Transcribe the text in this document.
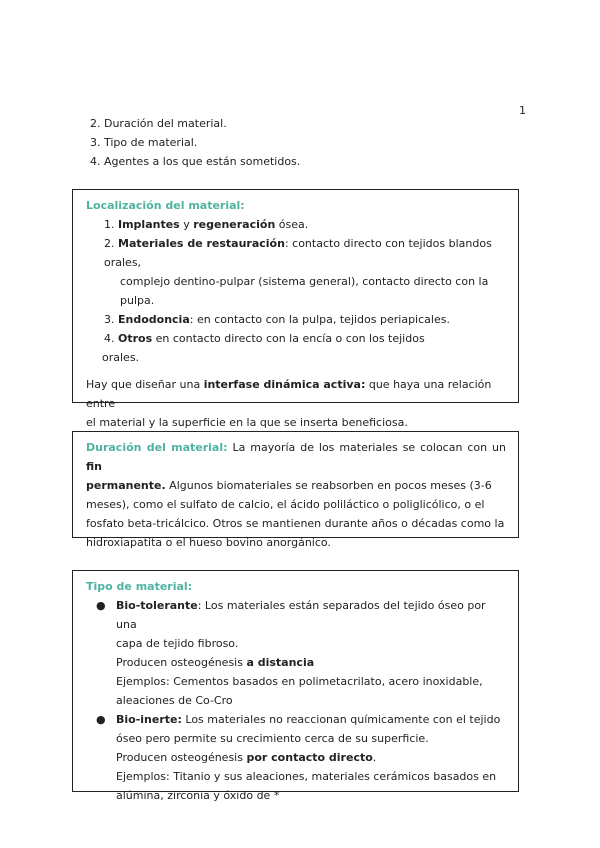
1
2. Duración del material.
3. Tipo de material.
4. Agentes a los que están sometidos.
Localización del material:
1. Implantes y regeneración ósea.
2. Materiales de restauración: contacto directo con tejidos blandos orales,
complejo dentino-pulpar (sistema general), contacto directo con la
pulpa.
3. Endodoncia: en contacto con la pulpa, tejidos periapicales.
4. Otros en contacto directo con la encía o con los tejidos
orales.
Hay que diseñar una interfase dinámica activa: que haya una relación entre
el material y la superficie en la que se inserta beneficiosa.
Duración del material: La mayoría de los materiales se colocan con un fin
permanente. Algunos biomateriales se reabsorben en pocos meses (3-6
meses), como el sulfato de calcio, el ácido poliláctico o poliglicólico, o el
fosfato beta-tricálcico. Otros se mantienen durante años o décadas como la
hidroxiapatita o el hueso bovino anorgánico.
Tipo de material:
● Bio-tolerante: Los materiales están separados del tejido óseo por una
capa de tejido fibroso.
Producen osteogénesis a distancia
Ejemplos: Cementos basados en polimetacrilato, acero inoxidable,
aleaciones de Co-Cro
● Bio-inerte: Los materiales no reaccionan químicamente con el tejido
óseo pero permite su crecimiento cerca de su superficie.
Producen osteogénesis por contacto directo.
Ejemplos: Titanio y sus aleaciones, materiales cerámicos basados en
alúmina, zirconia y óxido de *
